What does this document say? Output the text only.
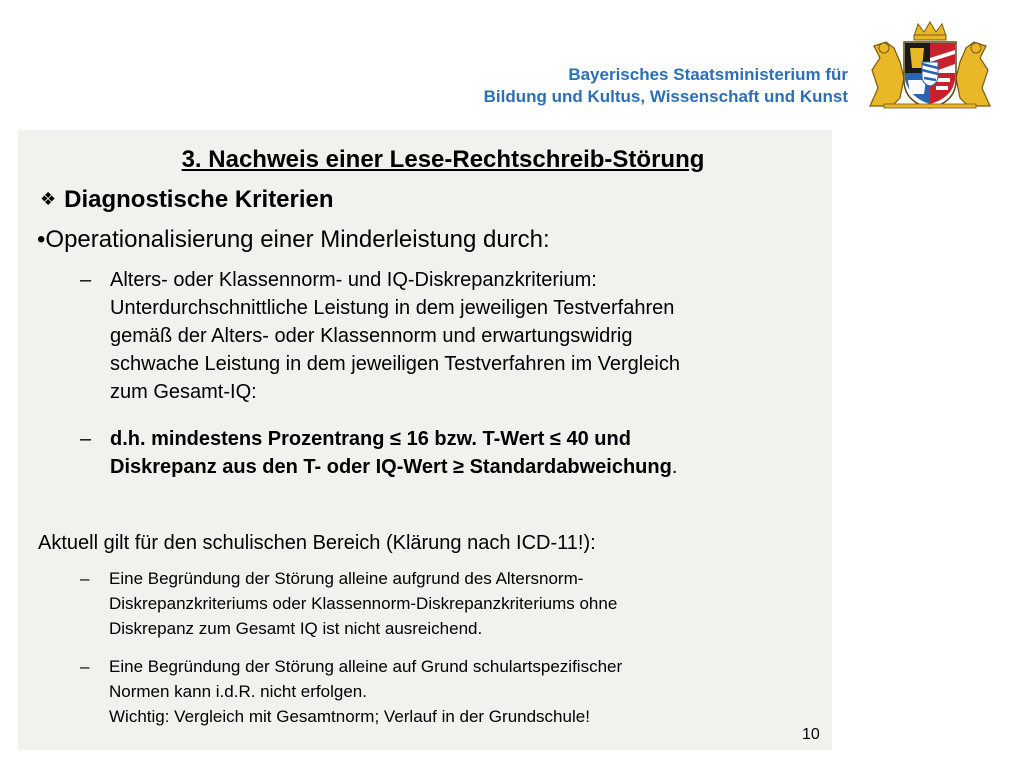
Bayerisches Staatsministerium für
Bildung und Kultus, Wissenschaft und Kunst
3. Nachweis einer Lese-Rechtschreib-Störung
❖ Diagnostische Kriterien
•Operationalisierung einer Minderleistung durch:
– Alters- oder Klassennorm- und IQ-Diskrepanzkriterium:
Unterdurchschnittliche Leistung in dem jeweiligen Testverfahren
gemäß der Alters- oder Klassennorm und erwartungswidrig
schwache Leistung in dem jeweiligen Testverfahren im Vergleich
zum Gesamt-IQ:
– d.h. mindestens Prozentrang ≤ 16 bzw. T-Wert ≤ 40 und
Diskrepanz aus den T- oder IQ-Wert ≥ Standardabweichung.
Aktuell gilt für den schulischen Bereich (Klärung nach ICD-11!):
– Eine Begründung der Störung alleine aufgrund des Altersnorm-
Diskrepanzkriteriums oder Klassennorm-Diskrepanzkriteriums ohne
Diskrepanz zum Gesamt IQ ist nicht ausreichend.
– Eine Begründung der Störung alleine auf Grund schulartspezifischer
Normen kann i.d.R. nicht erfolgen.
Wichtig: Vergleich mit Gesamtnorm; Verlauf in der Grundschule!
10
